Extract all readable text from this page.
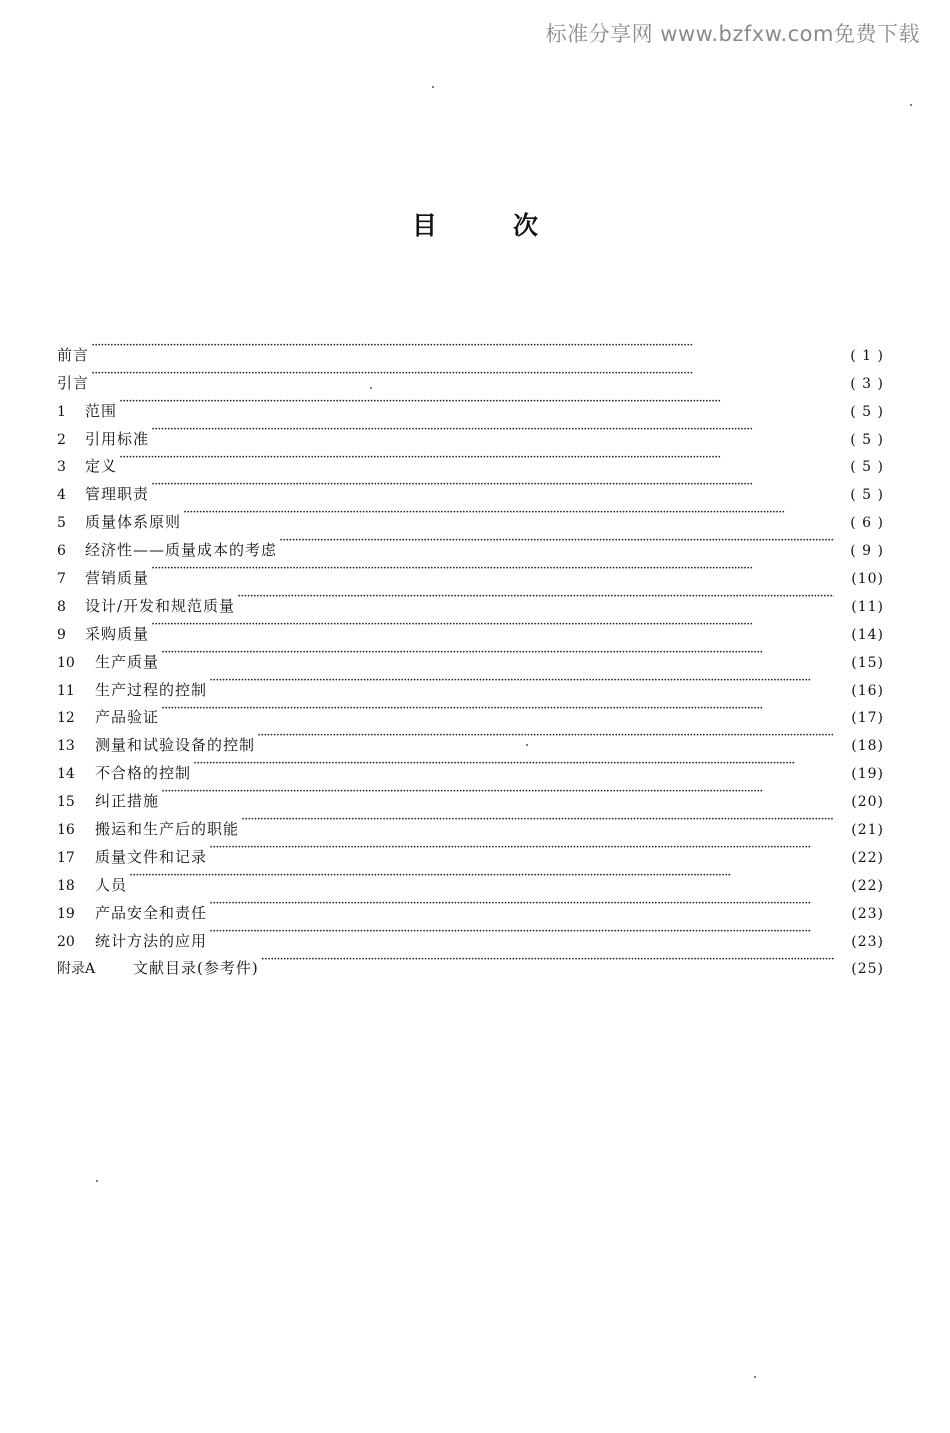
标准分享网 www.bzfxw.com免费下载
目次
前言 ·····	( 1 )
引言 ·····	( 3 )
1	范围 ·····	( 5 )
2	引用标准 ·····	( 5 )
3	定义 ·····	( 5 )
4	管理职责 ·····	( 5 )
5	质量体系原则 ·····	( 6 )
6	经济性——质量成本的考虑 ·····	( 9 )
7	营销质量 ·····	(10)
8	设计/开发和规范质量 ·····	(11)
9	采购质量 ·····	(14)
10	生产质量 ·····	(15)
11	生产过程的控制 ·····	(16)
12	产品验证 ·····	(17)
13	测量和试验设备的控制 ·····	(18)
14	不合格的控制 ·····	(19)
15	纠正措施 ·····	(20)
16	搬运和生产后的职能 ·····	(21)
17	质量文件和记录 ·····	(22)
18	人员 ·····	(22)
19	产品安全和责任 ·····	(23)
20	统计方法的应用 ·····	(23)
附录A	文献目录(参考件) ·····	(25)
